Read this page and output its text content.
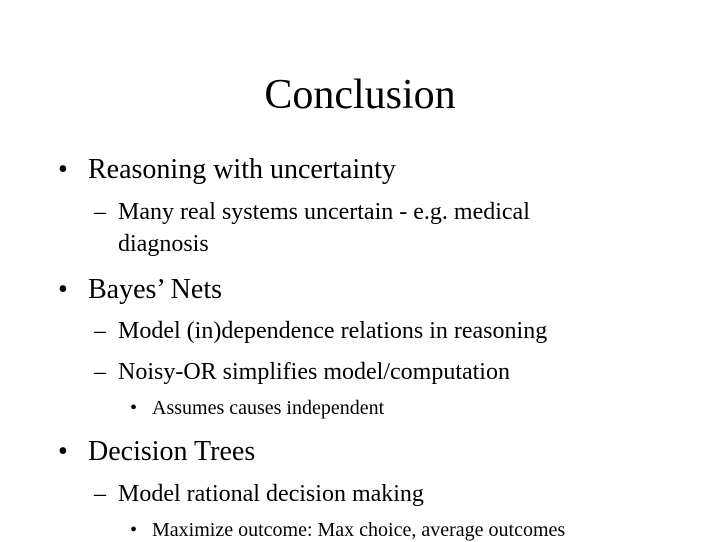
Conclusion
• Reasoning with uncertainty
– Many real systems uncertain - e.g. medical
diagnosis
• Bayes’ Nets
– Model (in)dependence relations in reasoning
– Noisy-OR simplifies model/computation
• Assumes causes independent
• Decision Trees
– Model rational decision making
• Maximize outcome: Max choice, average outcomes
